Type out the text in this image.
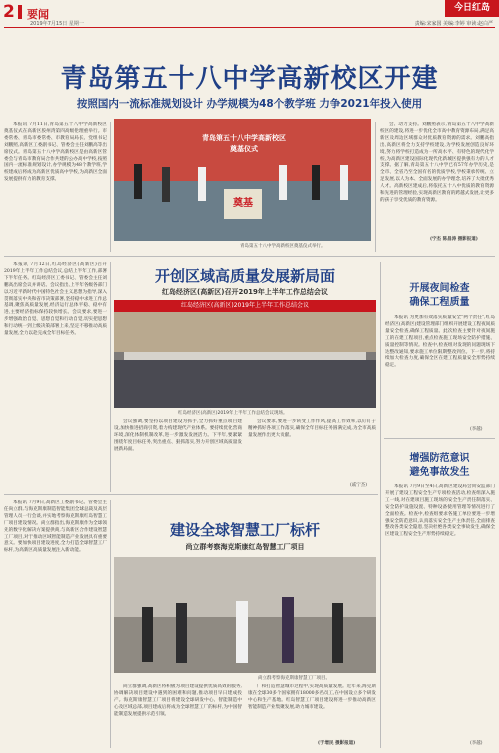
2 要闻
2019年7月15日 星期一
今日红岛
责编:宋家国 美编:李婷 审读:赵白严
青岛第五十八中学高新校区开建
按照国内一流标准规划设计 办学规模为48个教学班 力争2021年投入使用

本报讯 7月11日,青岛第五十八中学高新校区奠基仪式在高新区胶州湾第四高级伦理重举行。市委常委、青岛市委常委、市教育局局长、党组书记刘鹏照,高新区工委副书记、管委会主任刘鹏高等出席仪式。青岛第五十八中学高新校区是由高新区管委会与青岛市教育局合作共建的公办高中学校,按照国内一流标准规划设计,办学规模为48个教学班,学校建成后将成为高新区优质高中学校,为高新区全面发展提供有力的教育支撑。

青岛第五十八中学高新校区
奠基仪式
奠基
青岛第五十八中学高新校区奠基仪式举行。

会、动力支持。刘鹏照表示,青岛第五十八中学高新校区的建设,将进一步优化全市高中教育资源布局,满足高新区及周边区域群众对优质教育资源的需求。刘鹏高指出,高新区将全力支持学校建设,为学校发展创造良好环境,努力将学校打造成为一所高水平、有特色的现代化学校,为高新区建设国际化现代化新城区提供强有力的人才支撑。据了解,青岛第五十八中学已有57年办学历史,是全市、全省乃至全国有名的优质学校,学校秉承传统、立足发展,以人为本、全面发展的办学理念,培养了大批优秀人才。高新校区建成后,将依托五十八中优质的教育资源和先进的管理经验,实现高新区教育的跨越式发展,让更多的孩子享受优质的教育资源。

(宁杰 陈昌涛 摄影报道)

本报讯 7月12日,红岛经济区(高新区)召开2019年上半年工作总结会议,总结上半年工作,部署下半年任务。红岛经济区工委书记、管委会主任刘鹏高出席会议并讲话。会议指出,上半年各级各部门以习近平新时代中国特色社会主义思想为指导,深入贯彻落实中央和省市决策部署,坚持稳中求进工作总基调,聚焦高质量发展,经济运行总体平稳、稳中有进,主要经济指标保持较快增长。会议要求,要进一步增强政治自觉、思想自觉和行动自觉,切实把思想和行动统一到上级决策部署上来,坚定不移推动高质量发展,全力以赴完成全年目标任务。

开创区域高质量发展新局面
红岛经济区(高新区)召开2019年上半年工作总结会议
红岛经济区(高新区)2019年上半年工作总结会议
红岛经济区(高新区)2019年上半年工作总结会议现场。

会议强调,要坚持以项目建设为抓手,全力抓好重点项目建设,加快推进招商引资,着力构建现代产业体系。要持续优化营商环境,深化体制机制改革,进一步激发发展活力。下半年,要紧紧围绕年度目标任务,突出重点、狠抓落实,努力开创区域高质量发展新局面。

会议要求,要进一步转变工作作风,提高工作效率,以钉钉子精神抓好各项工作落实,确保全年目标任务圆满完成,为全市高质量发展作出更大贡献。

(戚宁杰)
开展夜间检查
确保工程质量

本报讯 为更加有效落实质量安全"两个责任",红岛经济区(高新区)建设管理部门组织开展建设工程夜间质量安全检查,确保工程质量。此次检查主要针对夜间施工的在建工程项目,重点检查施工现场安全防护措施、质量控制等情况。检查中,检查组对发现的问题现场下达整改通知,要求施工单位限期整改到位。下一步,将持续加大检查力度,确保全区在建工程质量安全形势持续稳定。

(李越)
增强防范意识
避免事故发生

本报讯 7月9日至4日,高新区建设局会同安监部门开展了建设工程安全生产专项检查活动,检查组深入施工一线,对在建项目施工现场的安全生产责任制落实、安全防护设施设置、特种设备使用管理等情况进行了全面检查。检查中,检查组要求各施工单位要进一步增强安全防范意识,认真落实安全生产主体责任,全面排查整改各类安全隐患,坚决杜绝各类安全事故发生,确保全区建设工程安全生产形势持续稳定。

(李越)

本报讯 7月9日,高新区工委副书记、管委会主任尚立群,与海克斯康制造智能集团全球总裁及高层管理人员一行会谈,并实地考察海克斯康红岛智慧工厂项目建设情况。尚立群指出,海克斯康作为全球领先的数字化解决方案提供商,与高新区合作建设智慧工厂项目,对于推动区域智能制造产业发展具有重要意义。要加快项目建设进度,全力打造全球智慧工厂标杆,为高新区高质量发展注入新动能。

建设全球智慧工厂标杆
尚立群考察海克斯康红岛智慧工厂项目
尚立群考察海克斯康智慧工厂项目。

尚立群强调,高新区将积极为项目建设提供优质高效的服务,协调解决项目建设中遇到的困难和问题,推动项目早日建成投产。海克斯康智慧工厂项目将建设全球研发中心、智能制造中心及区域总部,项目建成后将成为全球智慧工厂的标杆,为中国智能制造发展提供示范引领。

厂和打造智慧城市过程中,实现高质量发展。近年来,海克斯康在全球30多个国家拥有18000多名员工,在中国设立多个研发中心和生产基地。红岛智慧工厂项目建设将进一步推动高新区智能制造产业集聚发展,助力城市建设。

(于增民 摄影报道)
